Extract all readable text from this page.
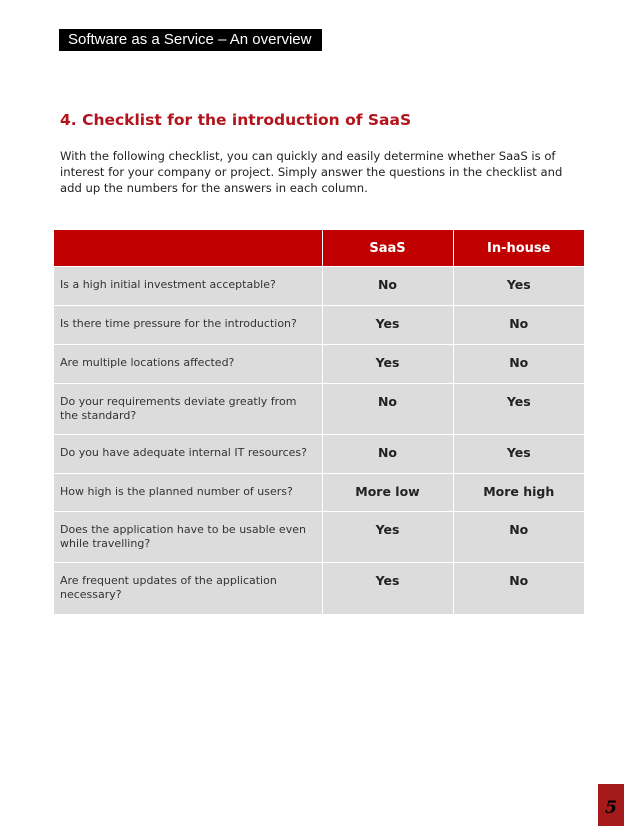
Software as a Service – An overview
4. Checklist for the introduction of SaaS

With the following checklist, you can quickly and easily determine whether SaaS is of interest for your company or project. Simply answer the questions in the checklist and add up the numbers for the answers in each column.

	SaaS	In-house
Is a high initial investment acceptable?	No	Yes
Is there time pressure for the introduction?	Yes	No
Are multiple locations affected?	Yes	No
Do your requirements deviate greatly from the standard?	No	Yes
Do you have adequate internal IT resources?	No	Yes
How high is the planned number of users?	More low	More high
Does the application have to be usable even while travelling?	Yes	No
Are frequent updates of the application necessary?	Yes	No
5
